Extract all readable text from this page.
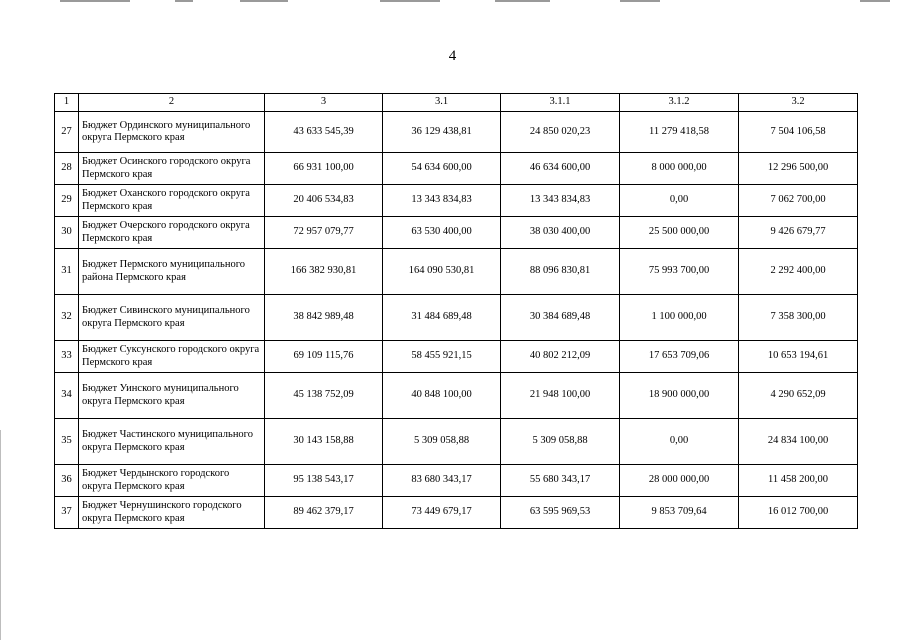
4
1	2	3	3.1	3.1.1	3.1.2	3.2
27	Бюджет Ординского муниципального округа Пермского края	43 633 545,39	36 129 438,81	24 850 020,23	11 279 418,58	7 504 106,58
28	Бюджет Осинского городского округа Пермского края	66 931 100,00	54 634 600,00	46 634 600,00	8 000 000,00	12 296 500,00
29	Бюджет Оханского городского округа Пермского края	20 406 534,83	13 343 834,83	13 343 834,83	0,00	7 062 700,00
30	Бюджет Очерского городского округа Пермского края	72 957 079,77	63 530 400,00	38 030 400,00	25 500 000,00	9 426 679,77
31	Бюджет Пермского муниципального района Пермского края	166 382 930,81	164 090 530,81	88 096 830,81	75 993 700,00	2 292 400,00
32	Бюджет Сивинского муниципального округа Пермского края	38 842 989,48	31 484 689,48	30 384 689,48	1 100 000,00	7 358 300,00
33	Бюджет Суксунского городского округа Пермского края	69 109 115,76	58 455 921,15	40 802 212,09	17 653 709,06	10 653 194,61
34	Бюджет Уинского муниципального округа Пермского края	45 138 752,09	40 848 100,00	21 948 100,00	18 900 000,00	4 290 652,09
35	Бюджет Частинского муниципального округа Пермского края	30 143 158,88	5 309 058,88	5 309 058,88	0,00	24 834 100,00
36	Бюджет Чердынского городского округа Пермского края	95 138 543,17	83 680 343,17	55 680 343,17	28 000 000,00	11 458 200,00
37	Бюджет Чернушинского городского округа Пермского края	89 462 379,17	73 449 679,17	63 595 969,53	9 853 709,64	16 012 700,00
